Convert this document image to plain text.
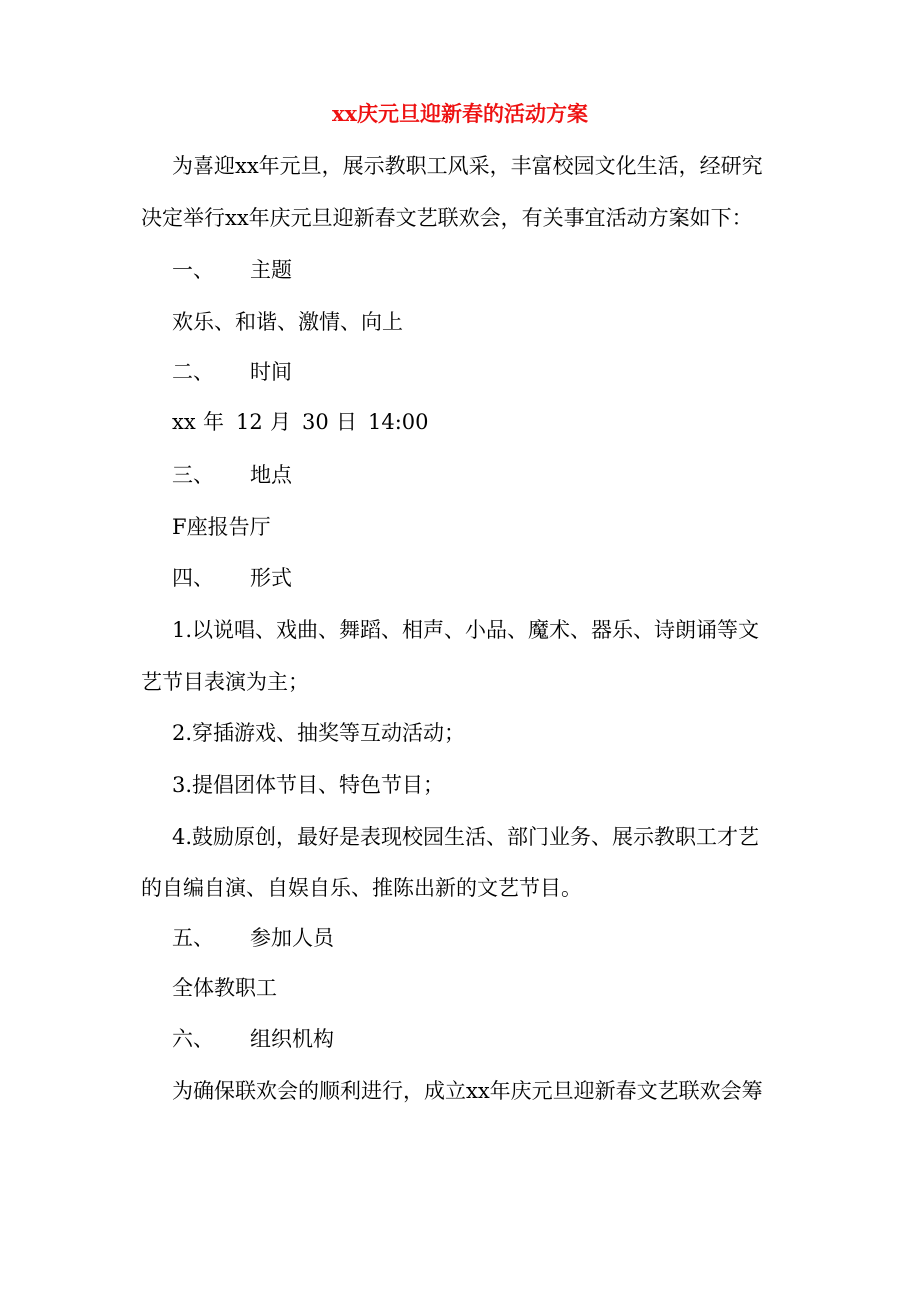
xx庆元旦迎新春的活动方案
为喜迎xx年元旦，展示教职工风采，丰富校园文化生活，经研究
决定举行xx年庆元旦迎新春文艺联欢会，有关事宜活动方案如下：
一、 主题
欢乐、和谐、激情、向上
二、 时间
xx 年 12 月 30 日 14:00
三、 地点
F座报告厅
四、 形式
1.以说唱、戏曲、舞蹈、相声、小品、魔术、器乐、诗朗诵等文
艺节目表演为主；
2.穿插游戏、抽奖等互动活动；
3.提倡团体节目、特色节目；
4.鼓励原创，最好是表现校园生活、部门业务、展示教职工才艺
的自编自演、自娱自乐、推陈出新的文艺节目。
五、 参加人员
全体教职工
六、 组织机构
为确保联欢会的顺利进行，成立xx年庆元旦迎新春文艺联欢会筹
